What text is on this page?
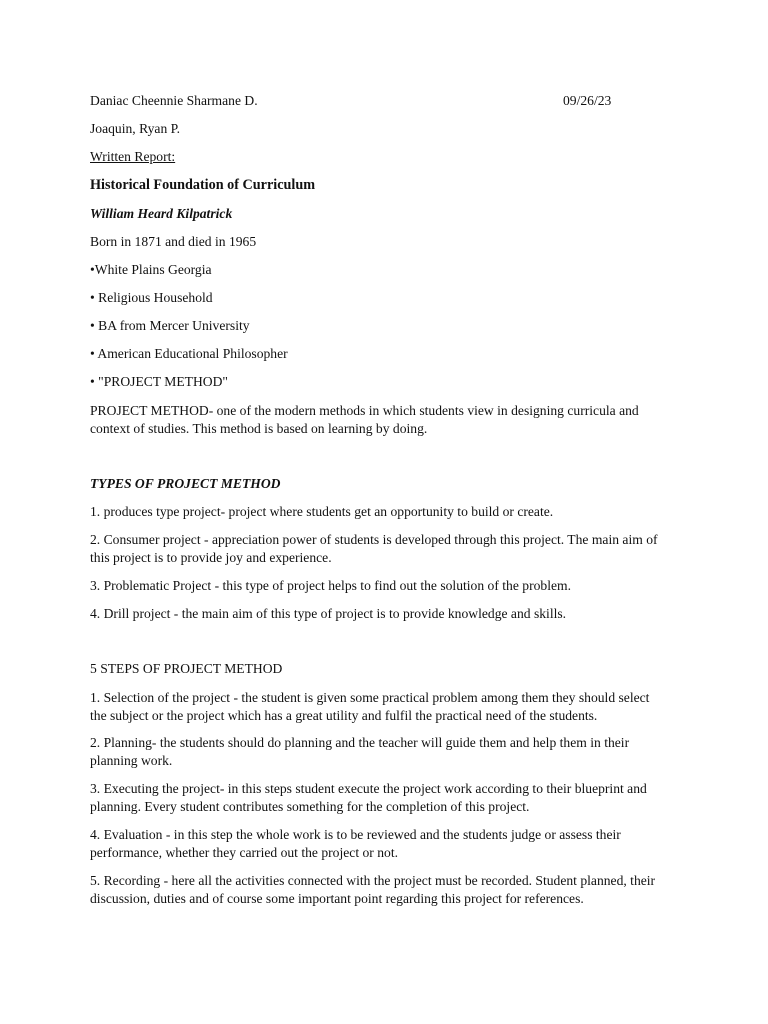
Daniac Cheennie Sharmane D.	09/26/23
Joaquin, Ryan P.
Written Report:
Historical Foundation of Curriculum
William Heard Kilpatrick
Born in 1871 and died in 1965
•White Plains Georgia
• Religious Household
• BA from Mercer University
• American Educational Philosopher
• "PROJECT METHOD"

PROJECT METHOD- one of the modern methods in which students view in designing curricula and

context of studies. This method is based on learning by doing.

TYPES OF PROJECT METHOD

1. produces type project- project where students get an opportunity to build or create.

2. Consumer project - appreciation power of students is developed through this project. The main aim of

this project is to provide joy and experience.

3. Problematic Project - this type of project helps to find out the solution of the problem.

4. Drill project - the main aim of this type of project is to provide knowledge and skills.

5 STEPS OF PROJECT METHOD

1. Selection of the project - the student is given some practical problem among them they should select

the subject or the project which has a great utility and fulfil the practical need of the students.

2. Planning- the students should do planning and the teacher will guide them and help them in their

planning work.

3. Executing the project- in this steps student execute the project work according to their blueprint and

planning. Every student contributes something for the completion of this project.

4. Evaluation - in this step the whole work is to be reviewed and the students judge or assess their

performance, whether they carried out the project or not.

5. Recording - here all the activities connected with the project must be recorded. Student planned, their

discussion, duties and of course some important point regarding this project for references.
